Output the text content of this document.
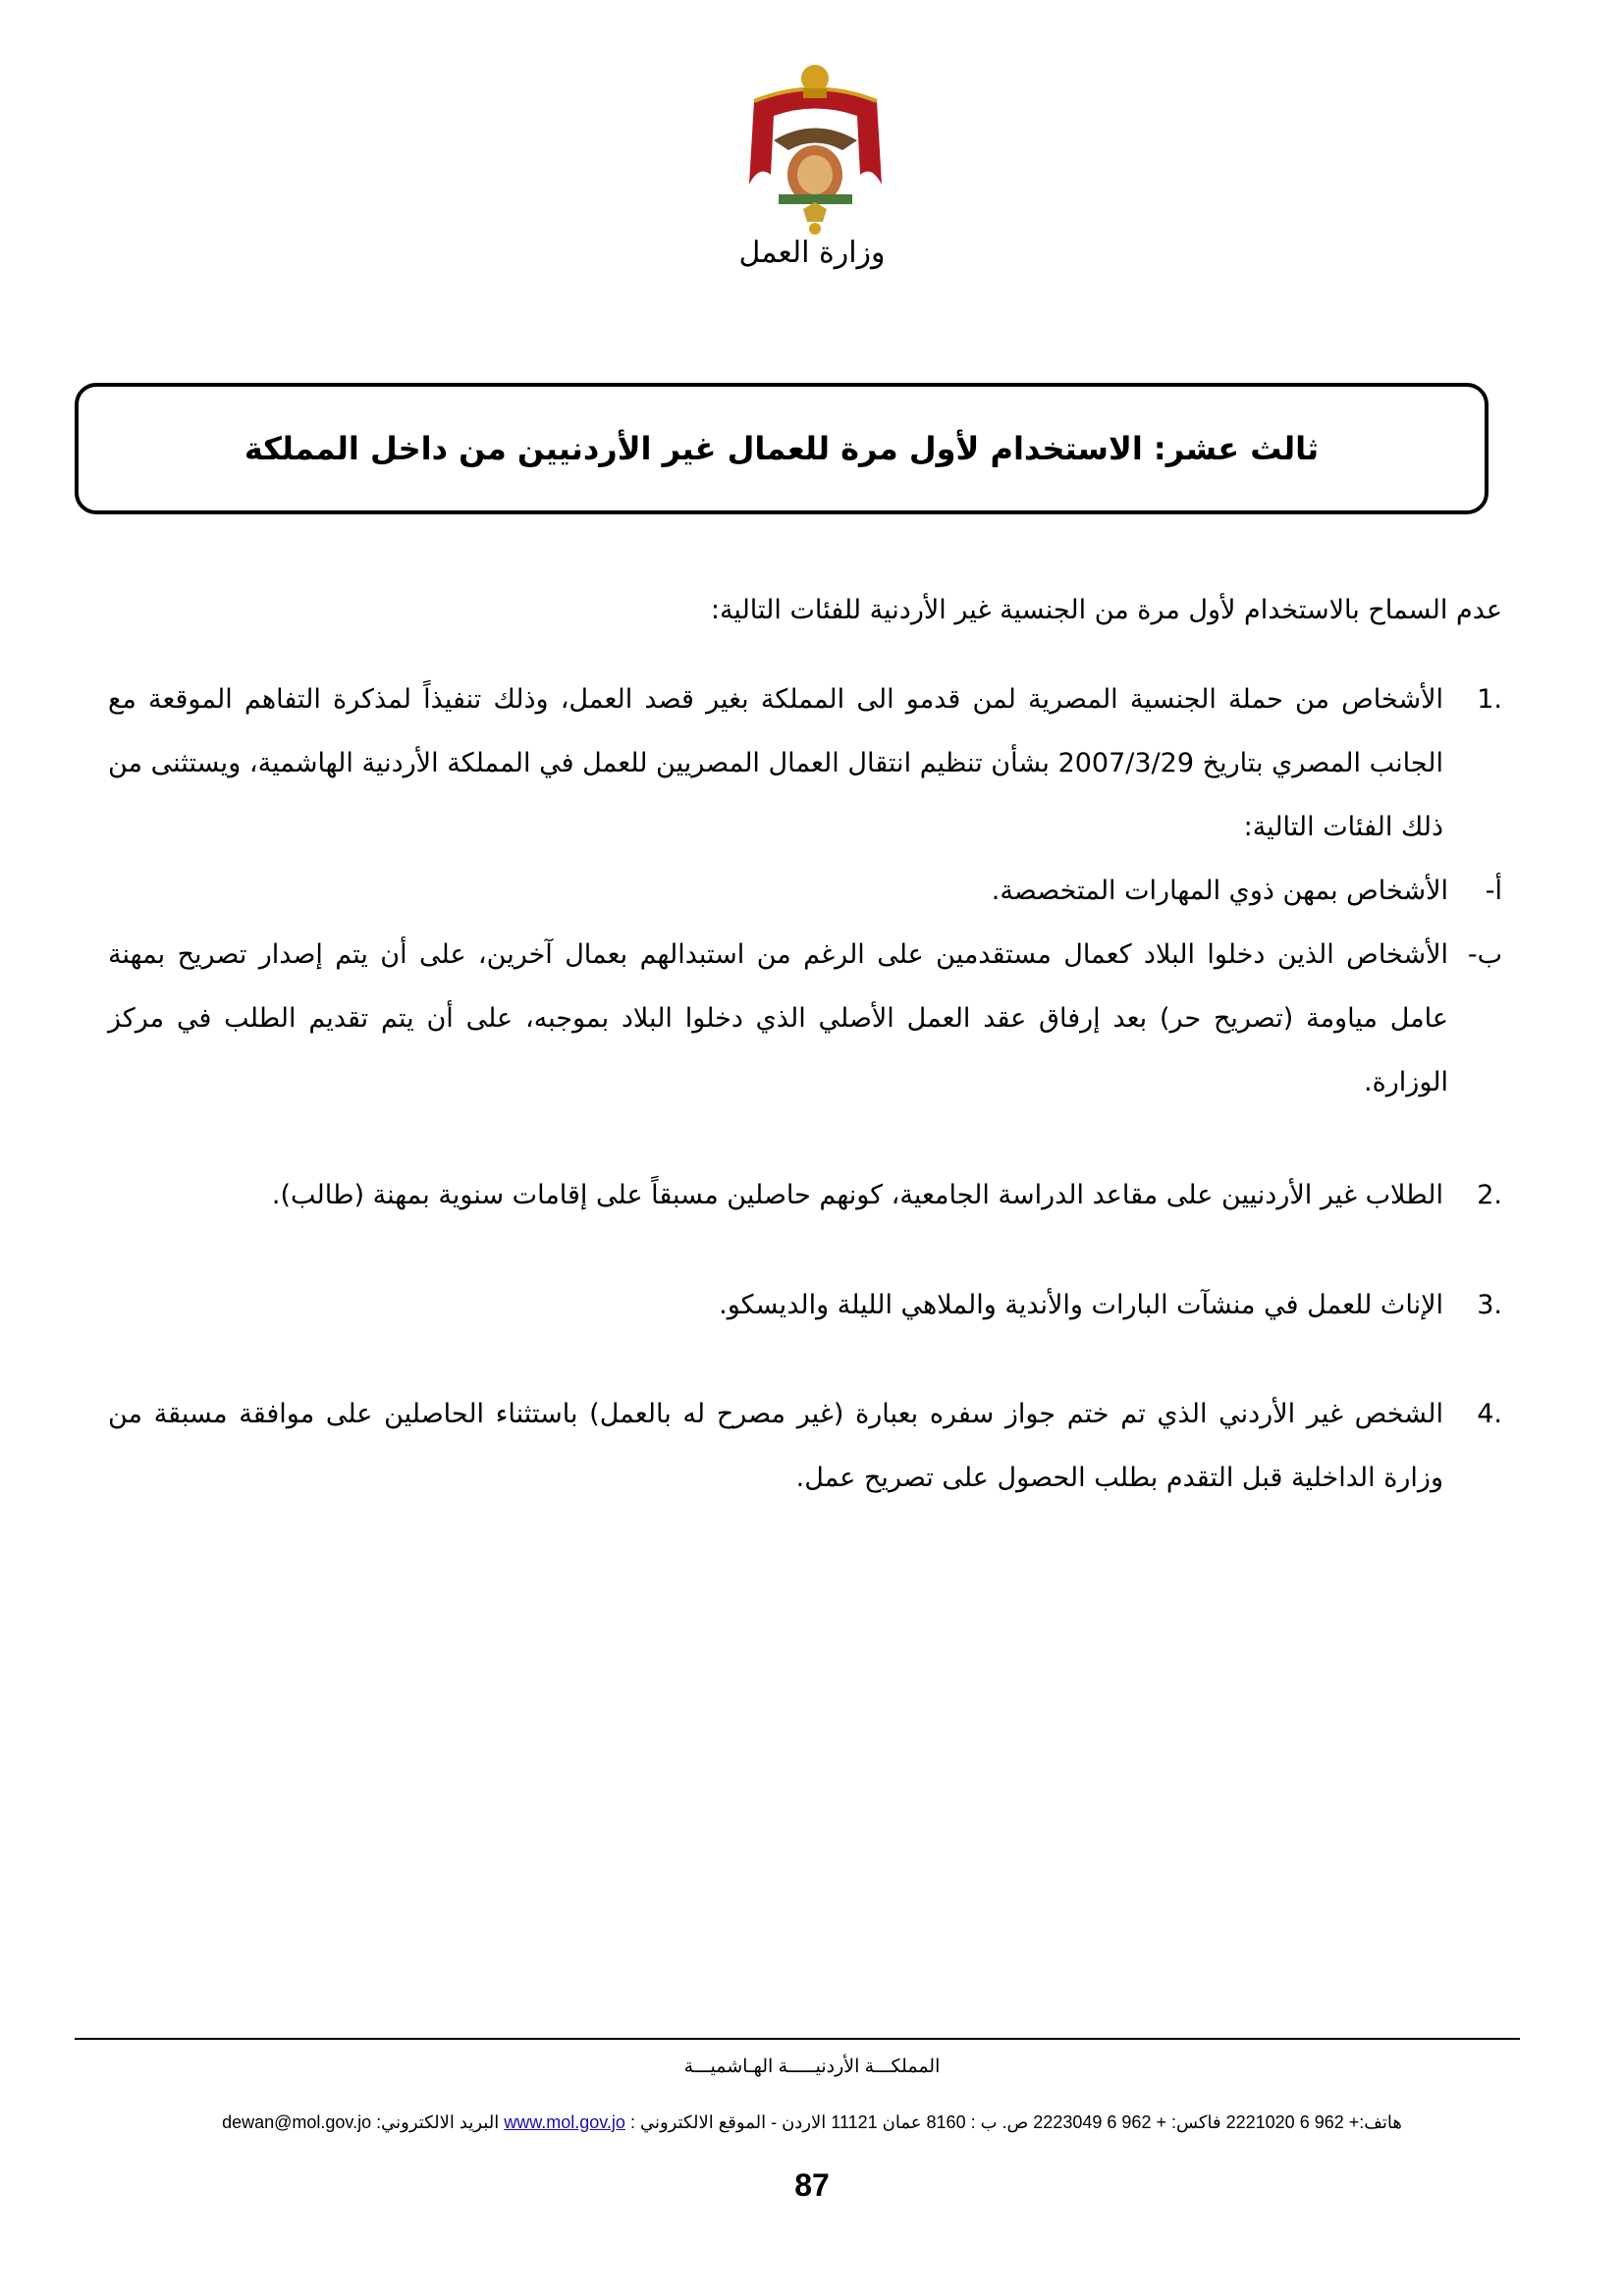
وزارة العمل
ثالث عشر: الاستخدام لأول مرة للعمال غير الأردنيين من داخل المملكة
عدم السماح بالاستخدام لأول مرة من الجنسية غير الأردنية للفئات التالية:
.1
الأشخاص من حملة الجنسية المصرية لمن قدمو الى المملكة بغير قصد العمل، وذلك تنفيذاً لمذكرة التفاهم الموقعة مع الجانب المصري بتاريخ 2007/3/29 بشأن تنظيم انتقال العمال المصريين للعمل في المملكة الأردنية الهاشمية، ويستثنى من ذلك الفئات التالية:
أ-
الأشخاص بمهن ذوي المهارات المتخصصة.
ب-
الأشخاص الذين دخلوا البلاد كعمال مستقدمين على الرغم من استبدالهم بعمال آخرين، على أن يتم إصدار تصريح بمهنة عامل مياومة (تصريح حر) بعد إرفاق عقد العمل الأصلي الذي دخلوا البلاد بموجبه، على أن يتم تقديم الطلب في مركز الوزارة.
.2
الطلاب غير الأردنيين على مقاعد الدراسة الجامعية، كونهم حاصلين مسبقاً على إقامات سنوية بمهنة (طالب).
.3
الإناث للعمل في منشآت البارات والأندية والملاهي الليلة والديسكو.
.4
الشخص غير الأردني الذي تم ختم جواز سفره بعبارة (غير مصرح له بالعمل) باستثناء الحاصلين على موافقة مسبقة من وزارة الداخلية قبل التقدم بطلب الحصول على تصريح عمل.
المملكـــة الأردنيـــــة الهـاشميـــة
هاتف:+ 962 6 2221020 فاكس: + 962 6 2223049 ص. ب : 8160 عمان 11121 الاردن - الموقع الالكتروني : www.mol.gov.jo البريد الالكتروني: dewan@mol.gov.jo
87
